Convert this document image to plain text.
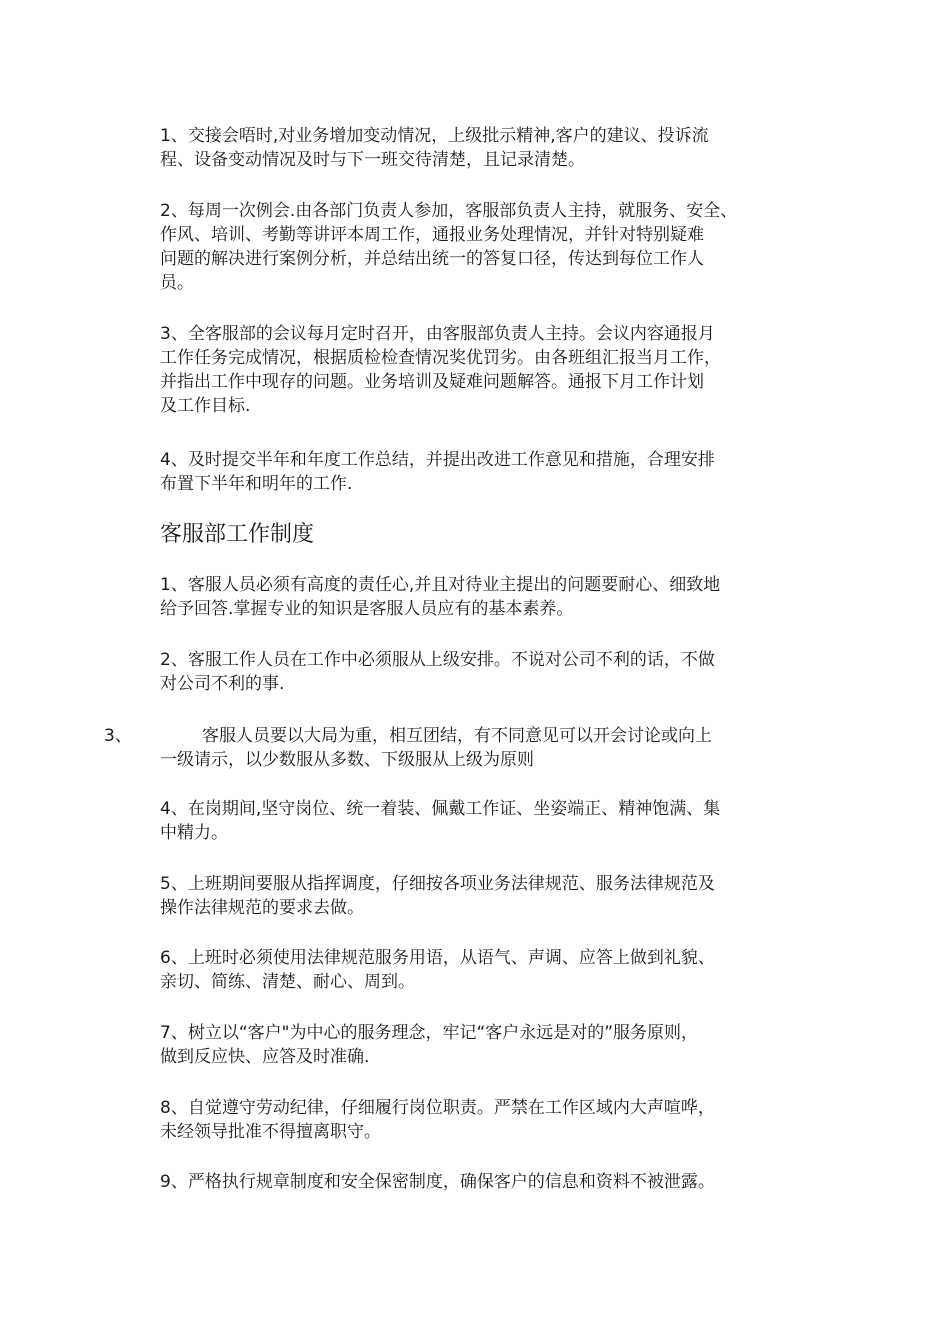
1、交接会唔时,对业务增加变动情况，上级批示精神,客户的建议、投诉流
程、设备变动情况及时与下一班交待清楚，且记录清楚。
2、每周一次例会.由各部门负责人参加，客服部负责人主持，就服务、安全、
作风、培训、考勤等讲评本周工作，通报业务处理情况，并针对特别疑难
问题的解决进行案例分析，并总结出统一的答复口径，传达到每位工作人
员。
3、全客服部的会议每月定时召开，由客服部负责人主持。会议内容通报月
工作任务完成情况，根据质检检查情况奖优罚劣。由各班组汇报当月工作，
并指出工作中现存的问题。业务培训及疑难问题解答。通报下月工作计划
及工作目标.
4、及时提交半年和年度工作总结，并提出改进工作意见和措施，合理安排
布置下半年和明年的工作.
客服部工作制度
1、客服人员必须有高度的责任心,并且对待业主提出的问题要耐心、细致地
给予回答.掌握专业的知识是客服人员应有的基本素养。
2、客服工作人员在工作中必须服从上级安排。不说对公司不利的话，不做
对公司不利的事.
3、	客服人员要以大局为重，相互团结，有不同意见可以开会讨论或向上
一级请示，以少数服从多数、下级服从上级为原则
4、在岗期间,坚守岗位、统一着装、佩戴工作证、坐姿端正、精神饱满、集
中精力。
5、上班期间要服从指挥调度，仔细按各项业务法律规范、服务法律规范及
操作法律规范的要求去做。
6、上班时必须使用法律规范服务用语，从语气、声调、应答上做到礼貌、
亲切、简练、清楚、耐心、周到。
7、树立以“客户"为中心的服务理念，牢记“客户永远是对的”服务原则，
做到反应快、应答及时准确.
8、自觉遵守劳动纪律，仔细履行岗位职责。严禁在工作区域内大声喧哗，
未经领导批准不得擅离职守。
9、严格执行规章制度和安全保密制度，确保客户的信息和资料不被泄露。
